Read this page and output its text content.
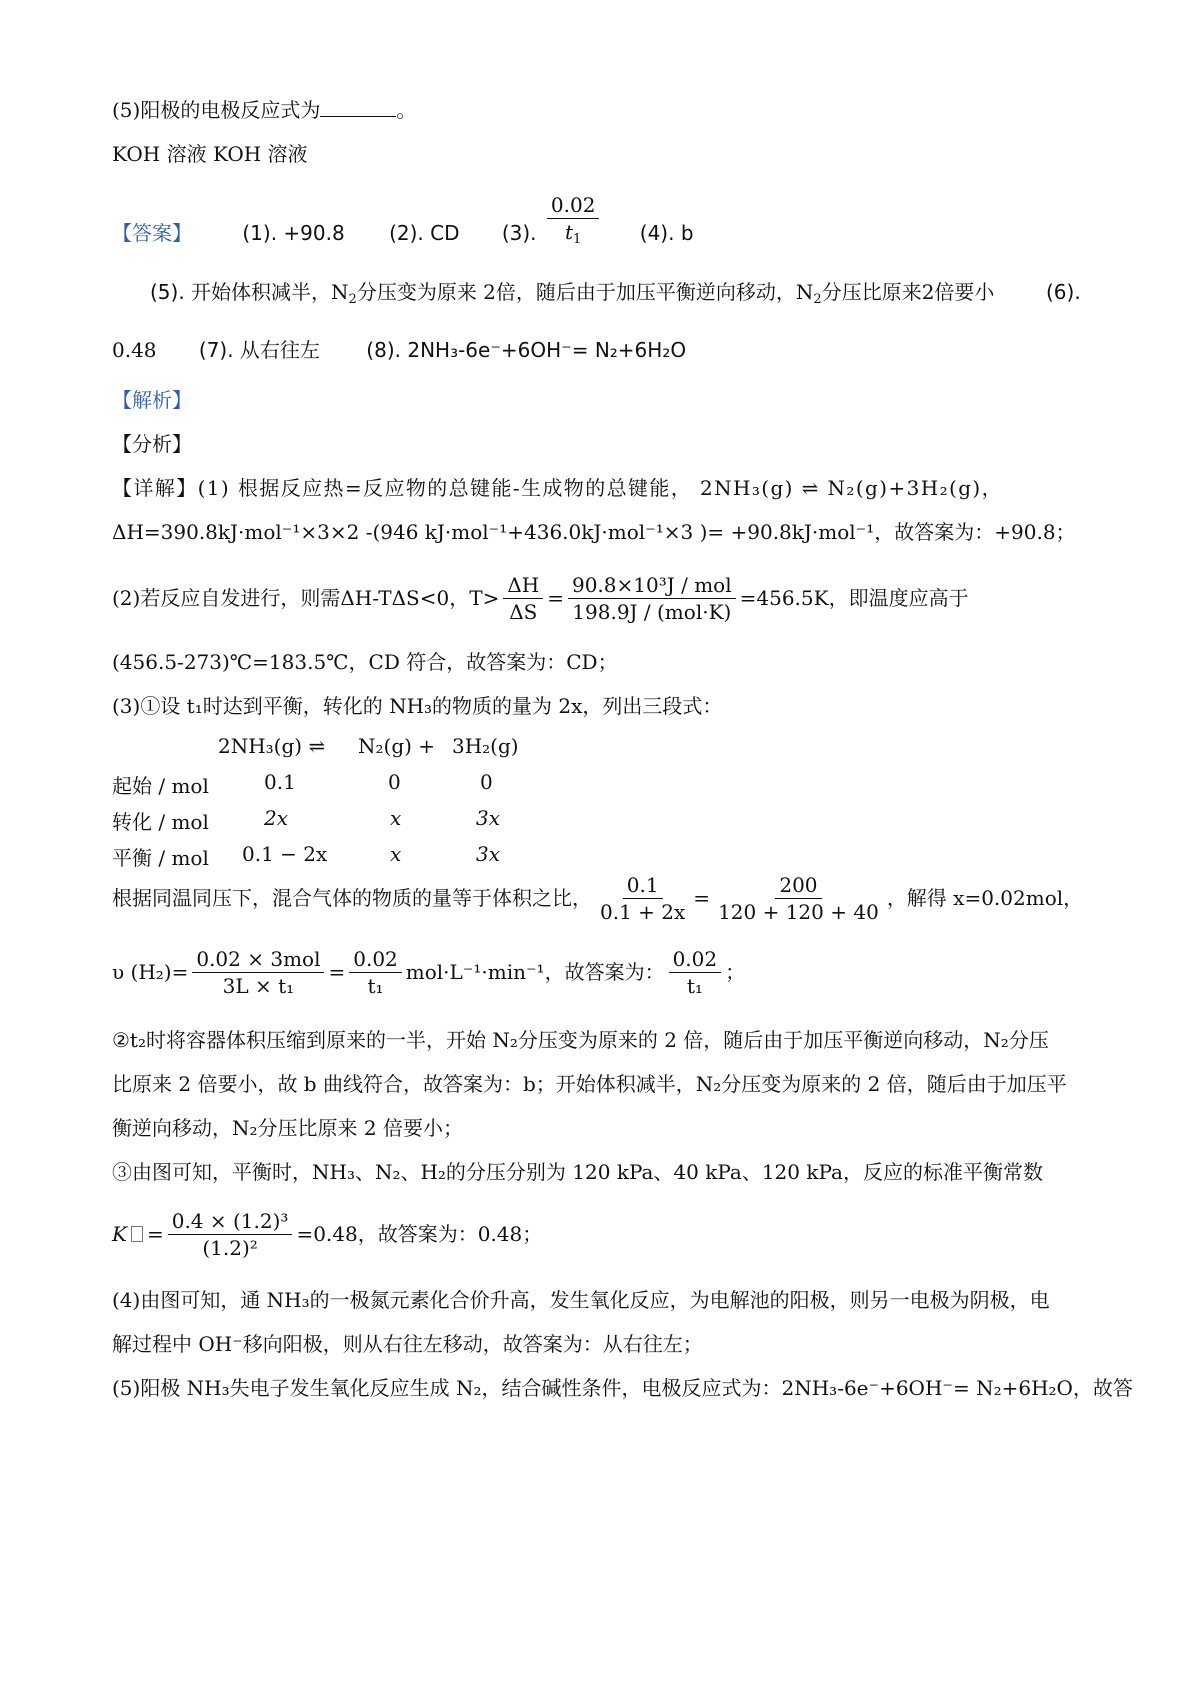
(5)阳极的电极反应式为	。
KOH 溶液 KOH 溶液
【答案】	(1). +90.8 (2). CD (3). $\frac{0.02}{t_1} (4)$. b
(5). 开始体积减半，$N_2$分压变为原来 2倍，随后由于加压平衡逆向移动，$N_2$分压比原来2倍要小	(6).
0.48 (7). 从右往左 (8). 2NH₃-6e⁻+6OH⁻= N₂+6H₂O
【解析】
【分析】
【详解】(1) 根据反应热=反应物的总键能-生成物的总键能， 2NH₃(g) ⇌ N₂(g)+3H₂(g)，
ΔH=390.8kJ·mol⁻¹×3×2 -(946 kJ·mol⁻¹+436.0kJ·mol⁻¹×3 )= +90.8kJ·mol⁻¹，故答案为：+90.8；
(2)若反应自发进行，则需ΔH-TΔS<0，$T> \frac{\Delta H}{\Delta S} = \frac{\text{90.8×10³J / mol}}{\text{198.9J / (mol·K)}} =456.5K$，即温度应高于
(456.5-273)℃=183.5℃，CD 符合，故答案为：CD；
(3)①设 t₁时达到平衡，转化的 NH₃的物质的量为 2x，列出三段式：
2NH₃(g) ⇌ N₂(g) + 3H₂(g)
起始 / mol	0.1	0	0
转化 / mol	2x	x	3x
平衡 / mol 0.1 − 2x	x	3x
根据同温同压下，混合气体的物质的量等于体积之比， $\frac{0.1}{0.1 + 2x} = \frac{200}{120 + 120 + 40}$ ，解得 x=0.02mol，
υ $(H_2)= \frac{\text{0.02 × 3mol}}{\text{3L × t₁}} = \frac{0.02}{\text{t₁}} mol\cdot L^{-1}\cdot\min^{-1}$，故答案为： $\frac{0.02}{\text{t₁}}$ ；
②t₂时将容器体积压缩到原来的一半，开始 N₂分压变为原来的 2 倍，随后由于加压平衡逆向移动，N₂分压
比原来 2 倍要小，故 b 曲线符合，故答案为：b；开始体积减半，N₂分压变为原来的 2 倍，随后由于加压平
衡逆向移动，N₂分压比原来 2 倍要小；
③由图可知，平衡时，NH₃、N₂、H₂的分压分别为 120 kPa、40 kPa、120 kPa，反应的标准平衡常数
$K = \frac{\text{0.4 × (1.2)³}}{\text{(1.2)²}} =0.48$，故答案为：0.48；
(4)由图可知，通 NH₃的一极氮元素化合价升高，发生氧化反应，为电解池的阳极，则另一电极为阴极，电
解过程中 OH⁻移向阳极，则从右往左移动，故答案为：从右往左；
(5)阳极 NH₃失电子发生氧化反应生成 N₂，结合碱性条件，电极反应式为：2NH₃-6e⁻+6OH⁻= N₂+6H₂O，故答
